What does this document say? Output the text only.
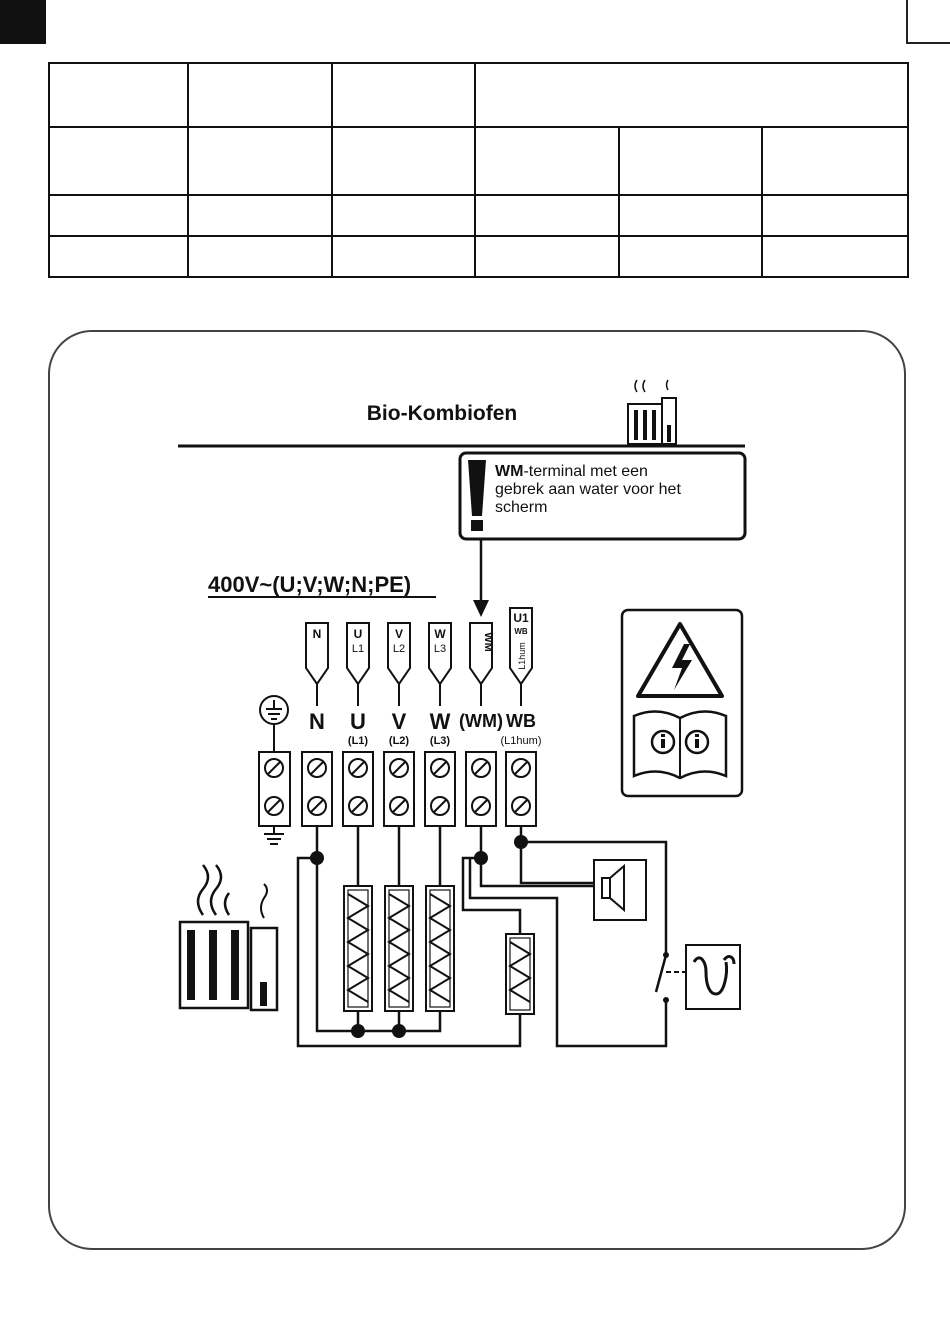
Bio-Kombiofen
WM-terminal met een
gebrek aan water voor het
scherm
400V~(U;V;W;N;PE)
N	U
L1
V
L2
W
L3	WM
U1
WB
L1hum
N U V W (WM) WB
(L1) (L2) (L3)	(L1hum)
